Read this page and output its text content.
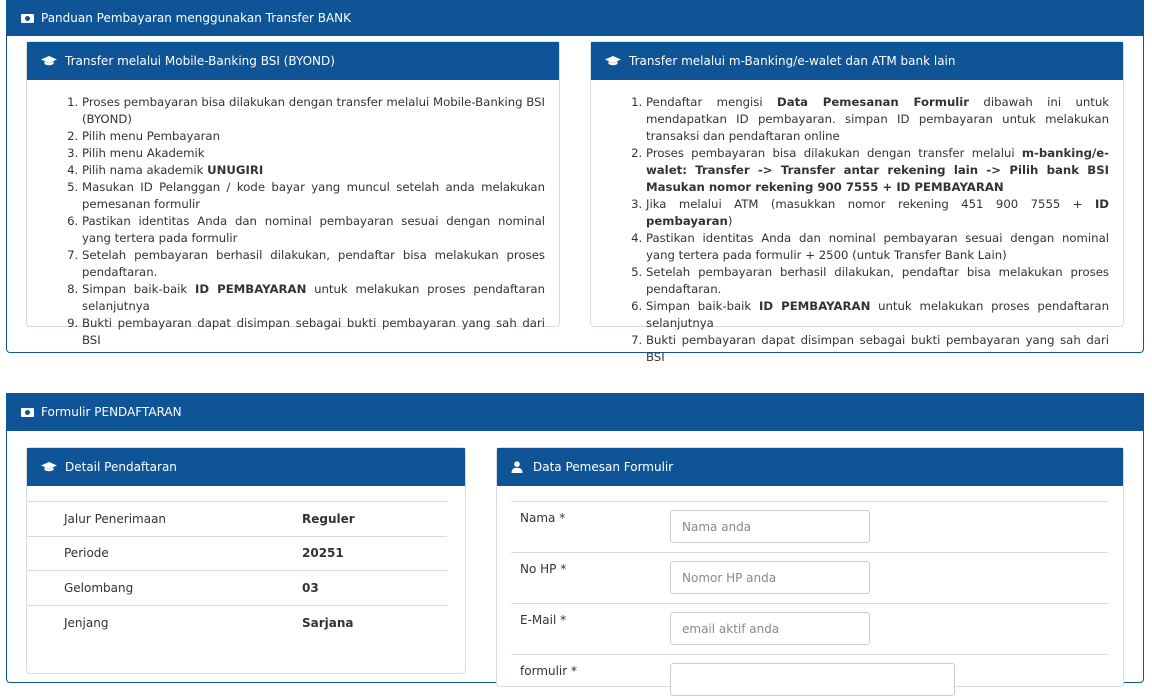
Panduan Pembayaran menggunakan Transfer BANK
Transfer melalui Mobile-Banking BSI (BYOND)
1. Proses pembayaran bisa dilakukan dengan transfer melalui Mobile-Banking BSI (BYOND)
2. Pilih menu Pembayaran
3. Pilih menu Akademik
4. Pilih nama akademik UNUGIRI
5. Masukan ID Pelanggan / kode bayar yang muncul setelah anda melakukan pemesanan formulir
6. Pastikan identitas Anda dan nominal pembayaran sesuai dengan nominal yang tertera pada formulir
7. Setelah pembayaran berhasil dilakukan, pendaftar bisa melakukan proses pendaftaran.
8. Simpan baik-baik ID PEMBAYARAN untuk melakukan proses pendaftaran selanjutnya
9. Bukti pembayaran dapat disimpan sebagai bukti pembayaran yang sah dari BSI
Transfer melalui m-Banking/e-walet dan ATM bank lain
1. Pendaftar mengisi Data Pemesanan Formulir dibawah ini untuk mendapatkan ID pembayaran. simpan ID pembayaran untuk melakukan transaksi dan pendaftaran online
2. Proses pembayaran bisa dilakukan dengan transfer melalui m-banking/e-walet: Transfer -> Transfer antar rekening lain -> Pilih bank BSI Masukan nomor rekening 900 7555 + ID PEMBAYARAN
3. Jika melalui ATM (masukkan nomor rekening 451 900 7555 + ID pembayaran)
4. Pastikan identitas Anda dan nominal pembayaran sesuai dengan nominal yang tertera pada formulir + 2500 (untuk Transfer Bank Lain)
5. Setelah pembayaran berhasil dilakukan, pendaftar bisa melakukan proses pendaftaran.
6. Simpan baik-baik ID PEMBAYARAN untuk melakukan proses pendaftaran selanjutnya
7. Bukti pembayaran dapat disimpan sebagai bukti pembayaran yang sah dari BSI
Formulir PENDAFTARAN
Detail Pendaftaran
Jalur Penerimaan	Reguler
Periode	20251
Gelombang	03
Jenjang	Sarjana
Data Pemesan Formulir
Nama *
Nama anda
No HP *
Nomor HP anda
E-Mail *
email aktif anda
formulir *
